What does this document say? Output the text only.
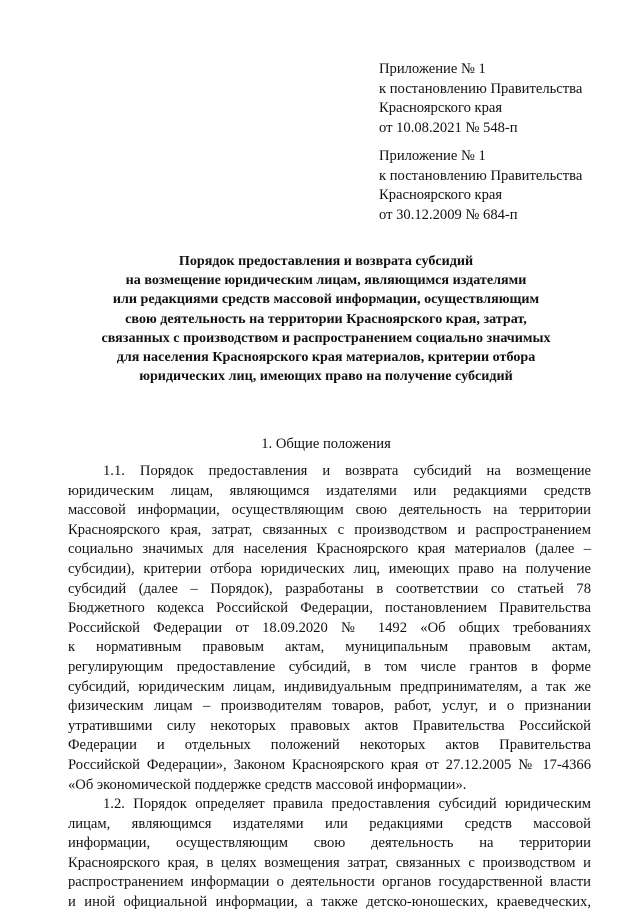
Приложение № 1
к постановлению Правительства
Красноярского края
от 10.08.2021 № 548-п
Приложение № 1
к постановлению Правительства
Красноярского края
от 30.12.2009 № 684-п
Порядок предоставления и возврата субсидий
на возмещение юридическим лицам, являющимся издателями
или редакциями средств массовой информации, осуществляющим
свою деятельность на территории Красноярского края, затрат,
связанных с производством и распространением социально значимых
для населения Красноярского края материалов, критерии отбора
юридических лиц, имеющих право на получение субсидий
1. Общие положения
1.1. Порядок предоставления и возврата субсидий на возмещение
юридическим лицам, являющимся издателями или редакциями средств
массовой информации, осуществляющим свою деятельность на территории
Красноярского края, затрат, связанных с производством и распространением
социально значимых для населения Красноярского края материалов (далее –
субсидии), критерии отбора юридических лиц, имеющих право на получение
субсидий (далее – Порядок), разработаны в соответствии со статьей 78
Бюджетного кодекса Российской Федерации, постановлением Правительства
Российской Федерации от 18.09.2020 № 1492 «Об общих требованиях
к нормативным правовым актам, муниципальным правовым актам,
регулирующим предоставление субсидий, в том числе грантов в форме
субсидий, юридическим лицам, индивидуальным предпринимателям, а так же
физическим лицам – производителям товаров, работ, услуг, и о признании
утратившими силу некоторых правовых актов Правительства Российской
Федерации и отдельных положений некоторых актов Правительства
Российской Федерации», Законом Красноярского края от 27.12.2005 № 17-4366
«Об экономической поддержке средств массовой информации».
1.2. Порядок определяет правила предоставления субсидий юридическим
лицам, являющимся издателями или редакциями средств массовой
информации, осуществляющим свою деятельность на территории
Красноярского края, в целях возмещения затрат, связанных с производством и
распространением информации о деятельности органов государственной власти
и иной официальной информации, а также детско-юношеских, краеведческих,
